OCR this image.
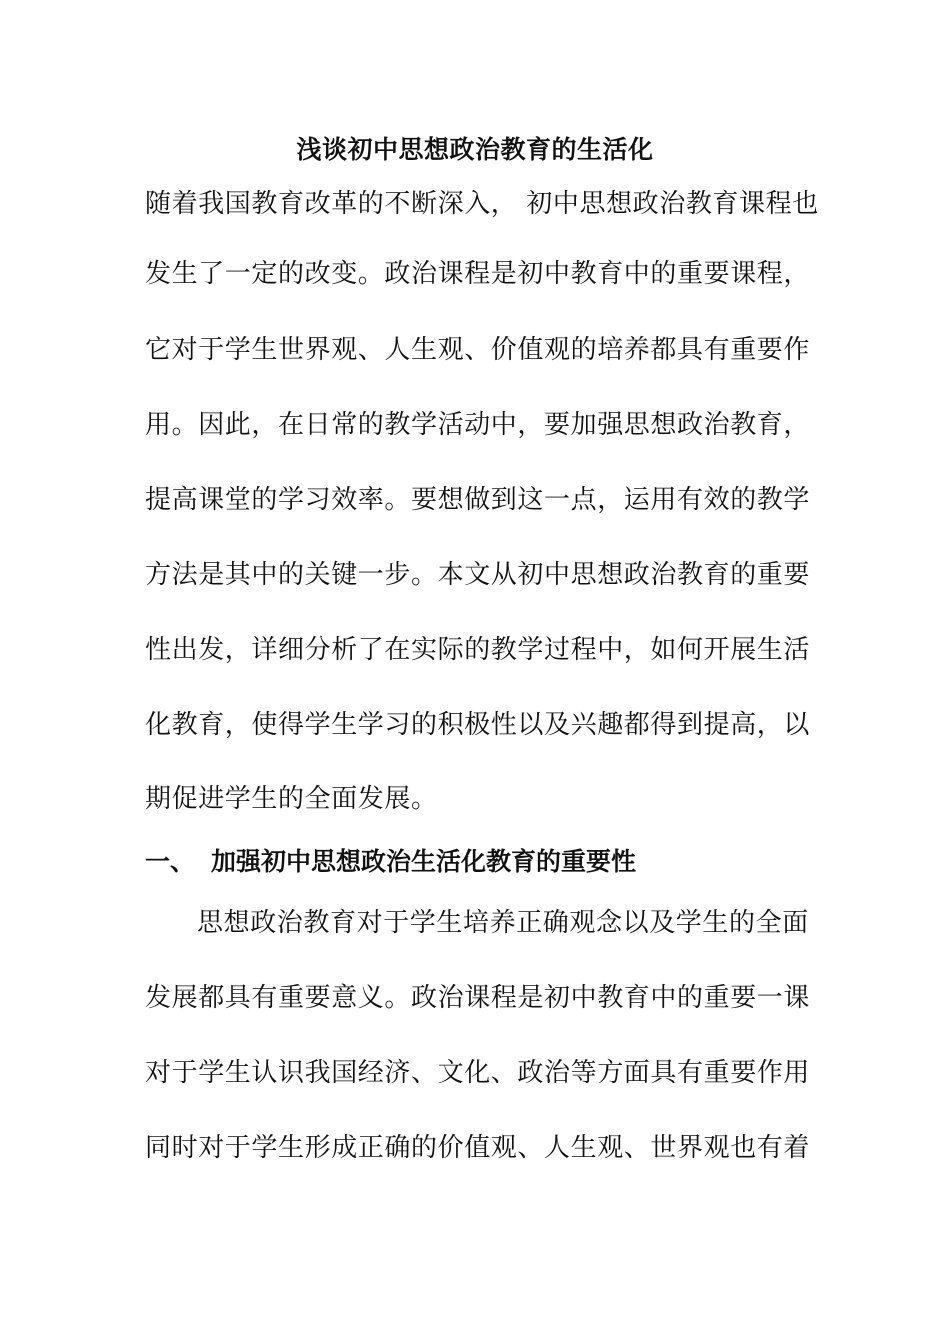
浅谈初中思想政治教育的生活化
随着我国教育改革的不断深入， 初中思想政治教育课程也
发生了一定的改变。政治课程是初中教育中的重要课程，
它对于学生世界观、人生观、价值观的培养都具有重要作
用。因此，在日常的教学活动中，要加强思想政治教育，
提高课堂的学习效率。要想做到这一点，运用有效的教学
方法是其中的关键一步。本文从初中思想政治教育的重要
性出发，详细分析了在实际的教学过程中，如何开展生活
化教育，使得学生学习的积极性以及兴趣都得到提高，以
期促进学生的全面发展。
一、 加强初中思想政治生活化教育的重要性
思想政治教育对于学生培养正确观念以及学生的全面
发展都具有重要意义。政治课程是初中教育中的重要一课
对于学生认识我国经济、文化、政治等方面具有重要作用
同时对于学生形成正确的价值观、人生观、世界观也有着
